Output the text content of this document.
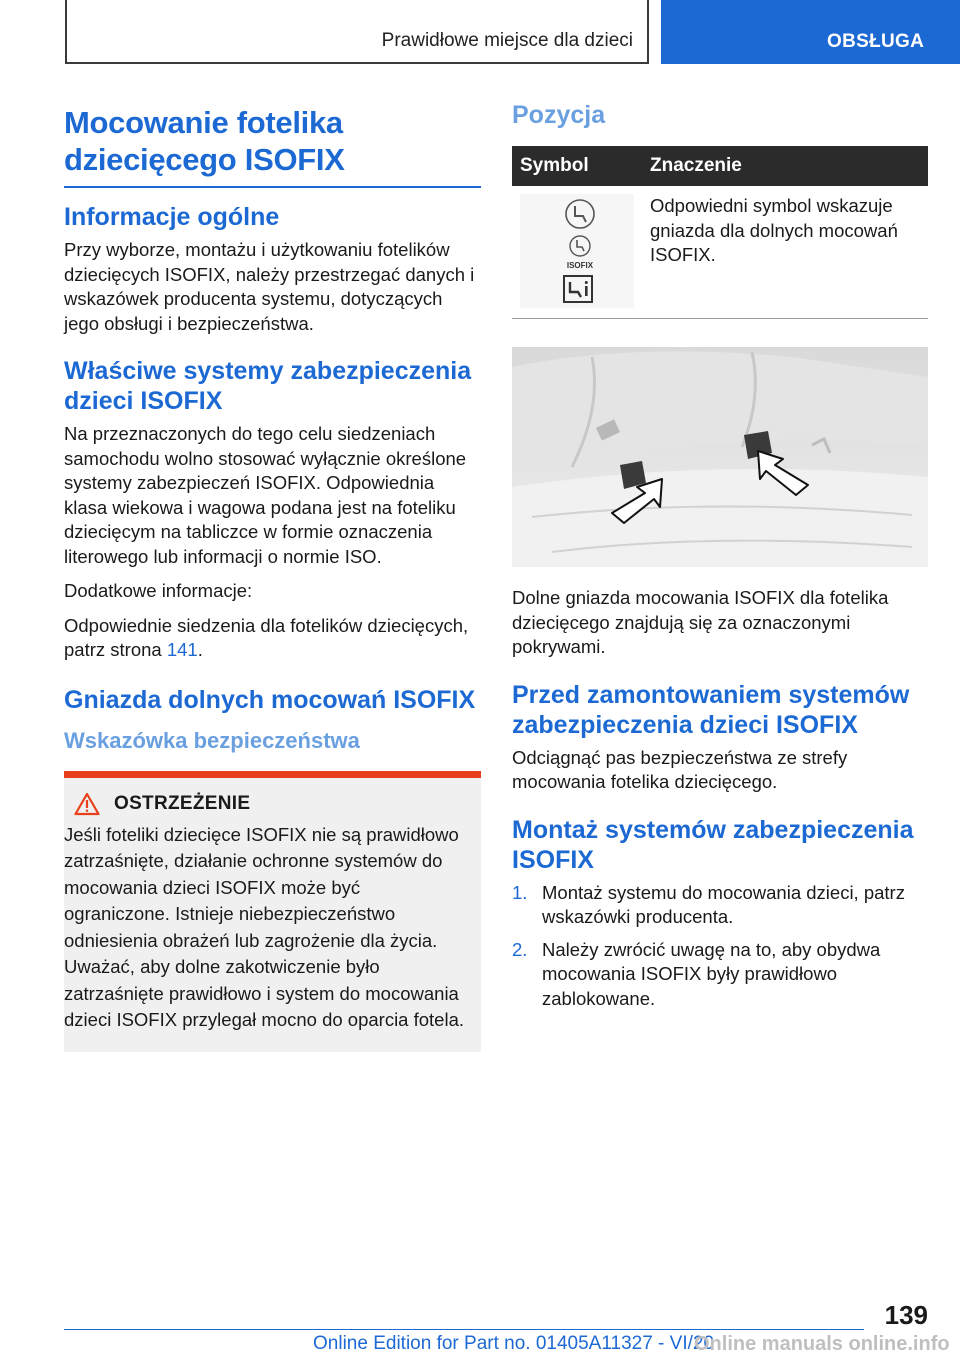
Prawidłowe miejsce dla dzieci	OBSŁUGA
Mocowanie fotelika
dziecięcego ISOFIX
Informacje ogólne

Przy wyborze, montażu i użytkowaniu fotelików dziecięcych ISOFIX, należy przestrzegać danych i wskazówek producenta systemu, dotyczących jego obsługi i bezpieczeństwa.

Właściwe systemy zabezpieczenia dzieci ISOFIX

Na przeznaczonych do tego celu siedzeniach samochodu wolno stosować wyłącznie określone systemy zabezpieczeń ISOFIX. Odpowiednia klasa wiekowa i wagowa podana jest na foteliku dziecięcym na tabliczce w formie oznaczenia literowego lub informacji o normie ISO.

Dodatkowe informacje:

Odpowiednie siedzenia dla fotelików dziecięcych, patrz strona 141.

Gniazda dolnych mocowań ISOFIX
Wskazówka bezpieczeństwa
OSTRZEŻENIE

Jeśli foteliki dziecięce ISOFIX nie są prawidłowo zatrzaśnięte, działanie ochronne systemów do mocowania dzieci ISOFIX może być ograniczone. Istnieje niebezpieczeństwo odniesienia obrażeń lub zagrożenie dla życia. Uważać, aby dolne zakotwiczenie było zatrzaśnięte prawidłowo i system do mocowania dzieci ISOFIX przylegał mocno do oparcia fotela.

Pozycja
Symbol	Znaczenie

ISOFIX	Odpowiedni symbol wskazuje gniazda dla dolnych mocowań ISOFIX.

Dolne gniazda mocowania ISOFIX dla fotelika dziecięcego znajdują się za oznaczonymi pokrywami.

Przed zamontowaniem systemów zabezpieczenia dzieci ISOFIX

Odciągnąć pas bezpieczeństwa ze strefy mocowania fotelika dziecięcego.

Montaż systemów zabezpieczenia ISOFIX
1. Montaż systemu do mocowania dzieci, patrz wskazówki producenta.
2. Należy zwrócić uwagę na to, aby obydwa mocowania ISOFIX były prawidłowo zablokowane.
139
Online Edition for Part no. 01405A11327 - VI/20
Online manuals online.info
